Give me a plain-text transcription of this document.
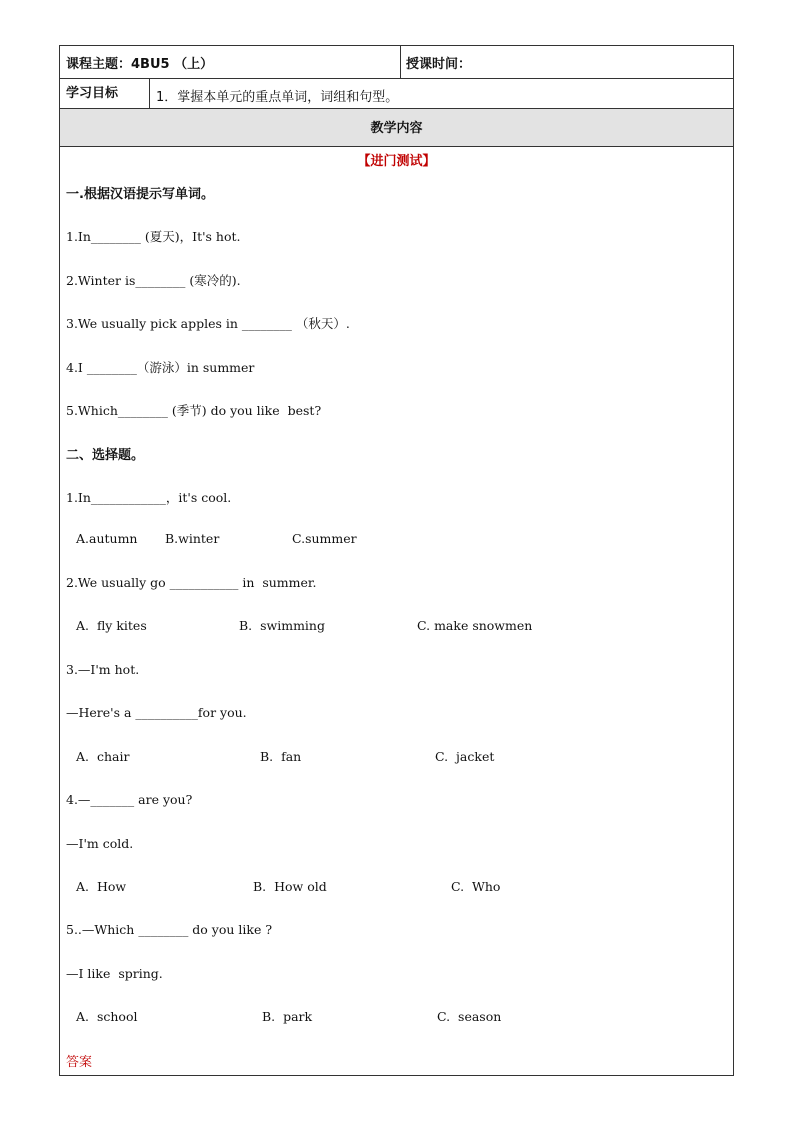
课程主题：4BU5 （上）	授课时间：
学习目标	1．掌握本单元的重点单词，词组和句型。
教学内容
【进门测试】
一.根据汉语提示写单词。
1.In________ (夏天)，It's hot.
2.Winter is________ (寒冷的).
3.We usually pick apples in ________ （秋天）.
4.I ________（游泳）in summer
5.Which________ (季节) do you like  best?
二、选择题。
1.In____________，it's cool.
A.autumn B.winter	C.summer
2.We usually go ___________ in  summer.
A.  fly kites	B.  swimming	C. make snowmen
3.—I'm hot.
—Here's a __________for you.
A.  chair	B.  fan	C.  jacket
4.—_______ are you?
—I'm cold.
A.  How	B.  How old	C.  Who
5..—Which ________ do you like ?
—I like  spring.
A.  school	B.  park	C.  season
答案
